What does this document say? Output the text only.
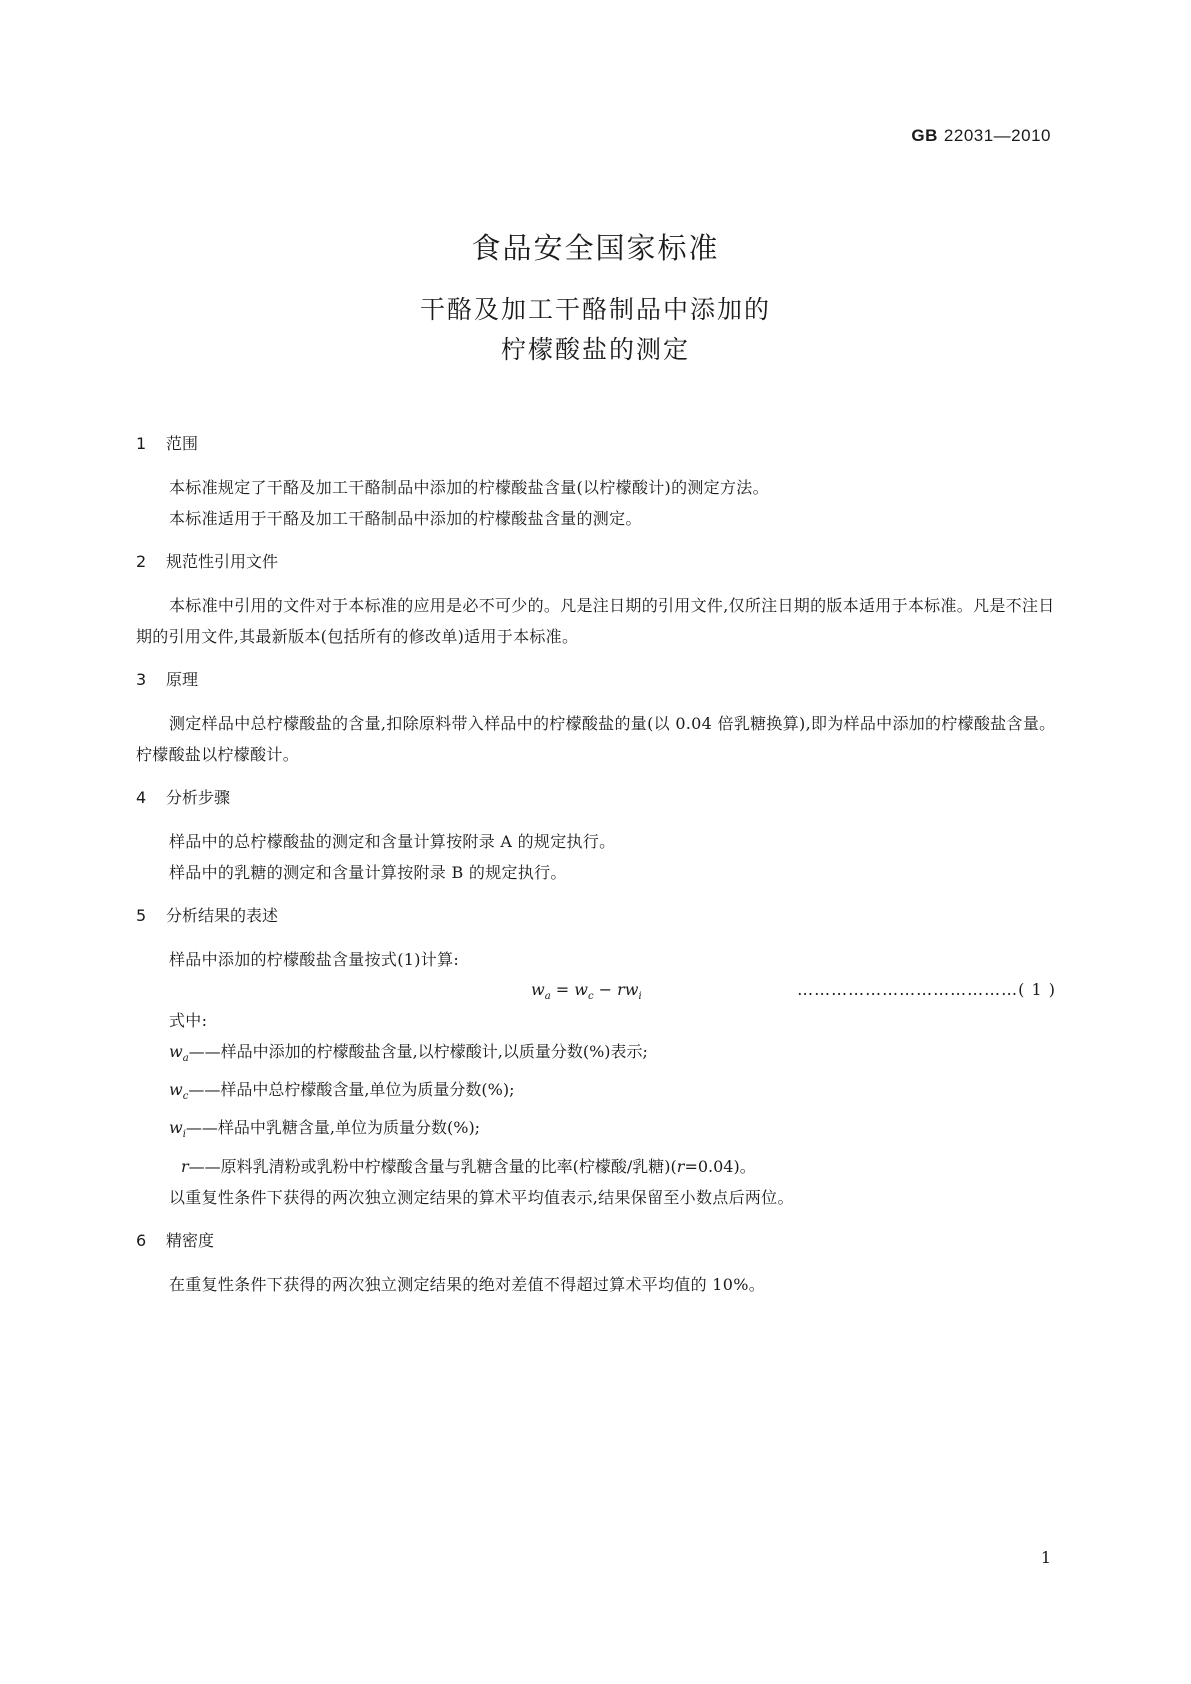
GB 22031—2010

食品安全国家标准

干酪及加工干酪制品中添加的

柠檬酸盐的测定

1	范围

本标准规定了干酪及加工干酪制品中添加的柠檬酸盐含量(以柠檬酸计)的测定方法。

本标准适用于干酪及加工干酪制品中添加的柠檬酸盐含量的测定。

2	规范性引用文件

本标准中引用的文件对于本标准的应用是必不可少的。凡是注日期的引用文件,仅所注日期的版本适用于本标准。凡是不注日期的引用文件,其最新版本(包括所有的修改单)适用于本标准。

3	原理

测定样品中总柠檬酸盐的含量,扣除原料带入样品中的柠檬酸盐的量(以 0.04 倍乳糖换算),即为样品中添加的柠檬酸盐含量。柠檬酸盐以柠檬酸计。

4	分析步骤

样品中的总柠檬酸盐的测定和含量计算按附录 A 的规定执行。

样品中的乳糖的测定和含量计算按附录 B 的规定执行。

5	分析结果的表述

样品中添加的柠檬酸盐含量按式(1)计算:

$w_a = w_c - rw_i$	…………………………………( 1 )

式中:

$w_a——$样品中添加的柠檬酸盐含量,以柠檬酸计,以质量分数(%)表示;

$w_c——$样品中总柠檬酸含量,单位为质量分数(%);

$w_i——$样品中乳糖含量,单位为质量分数(%);

r——原料乳清粉或乳粉中柠檬酸含量与乳糖含量的比率(柠檬酸/乳糖)(r=0.04)。

以重复性条件下获得的两次独立测定结果的算术平均值表示,结果保留至小数点后两位。

6	精密度

在重复性条件下获得的两次独立测定结果的绝对差值不得超过算术平均值的 10%。

1
